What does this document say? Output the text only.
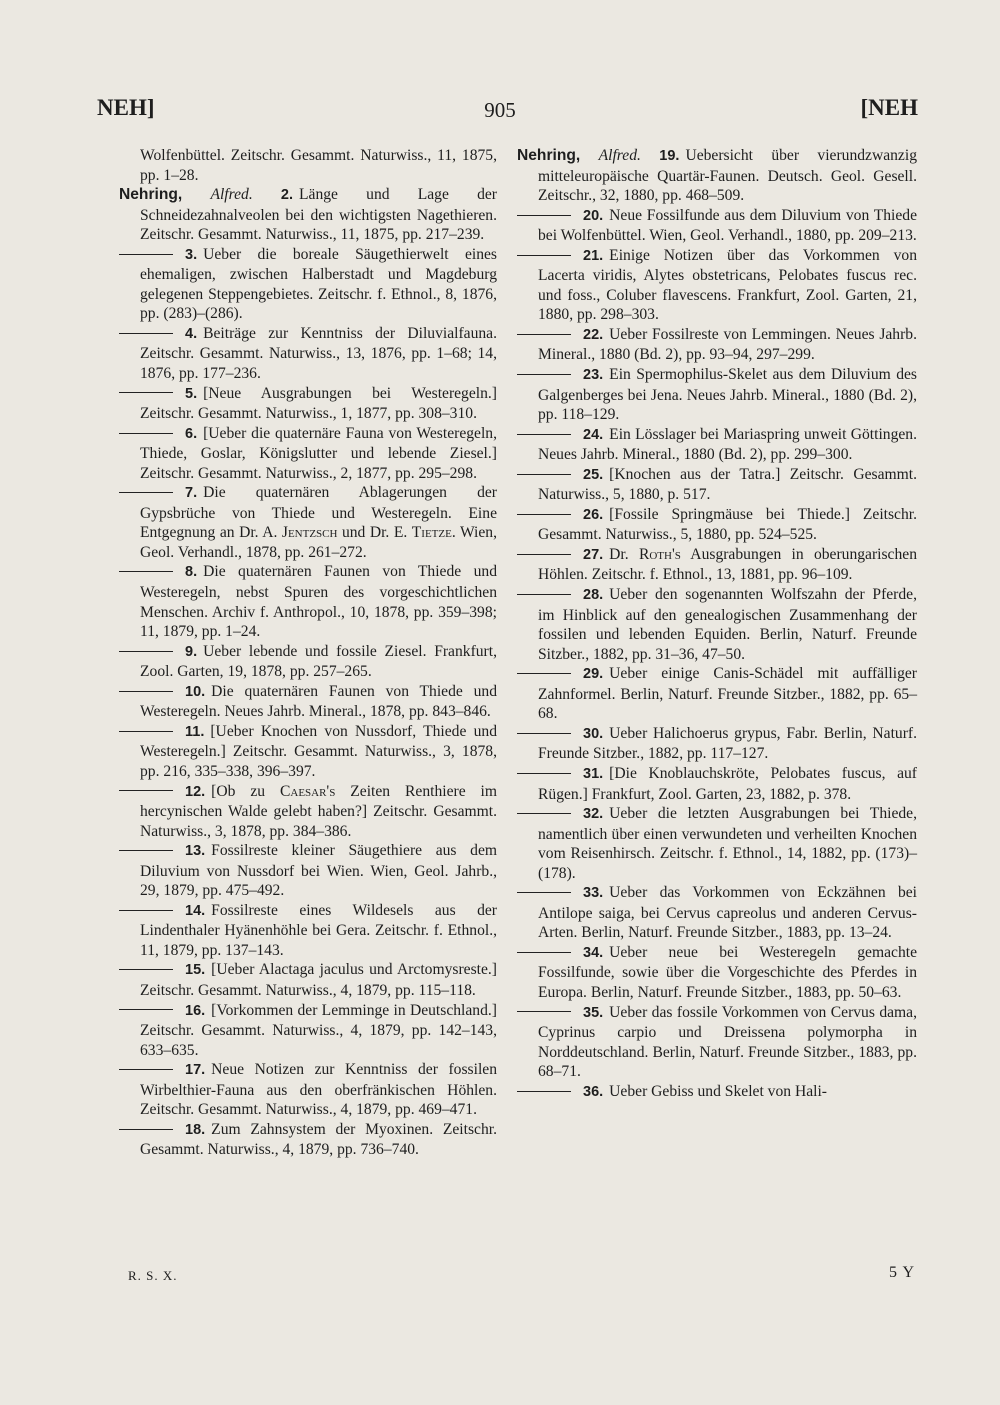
NEH]	905	[NEH

Wolfenbüttel. Zeitschr. Gesammt. Naturwiss., 11, 1875, pp. 1–28.

Nehring, Alfred. 2. Länge und Lage der Schneidezahnalveolen bei den wichtigsten Nagethieren. Zeitschr. Gesammt. Naturwiss., 11, 1875, pp. 217–239.

3. Ueber die boreale Säugethierwelt eines ehemaligen, zwischen Halberstadt und Magdeburg gelegenen Steppengebietes. Zeitschr. f. Ethnol., 8, 1876, pp. (283)–(286).

4. Beiträge zur Kenntniss der Diluvialfauna. Zeitschr. Gesammt. Naturwiss., 13, 1876, pp. 1–68; 14, 1876, pp. 177–236.

5. [Neue Ausgrabungen bei Westeregeln.] Zeitschr. Gesammt. Naturwiss., 1, 1877, pp. 308–310.

6. [Ueber die quaternäre Fauna von Westeregeln, Thiede, Goslar, Königslutter und lebende Ziesel.] Zeitschr. Gesammt. Naturwiss., 2, 1877, pp. 295–298.

7. Die quaternären Ablagerungen der Gypsbrüche von Thiede und Westeregeln. Eine Entgegnung an Dr. A. Jentzsch und Dr. E. Tietze. Wien, Geol. Verhandl., 1878, pp. 261–272.

8. Die quaternären Faunen von Thiede und Westeregeln, nebst Spuren des vorgeschichtlichen Menschen. Archiv f. Anthropol., 10, 1878, pp. 359–398; 11, 1879, pp. 1–24.

9. Ueber lebende und fossile Ziesel. Frankfurt, Zool. Garten, 19, 1878, pp. 257–265.

10. Die quaternären Faunen von Thiede und Westeregeln. Neues Jahrb. Mineral., 1878, pp. 843–846.

11. [Ueber Knochen von Nussdorf, Thiede und Westeregeln.] Zeitschr. Gesammt. Naturwiss., 3, 1878, pp. 216, 335–338, 396–397.

12. [Ob zu Caesar's Zeiten Renthiere im hercynischen Walde gelebt haben?] Zeitschr. Gesammt. Naturwiss., 3, 1878, pp. 384–386.

13. Fossilreste kleiner Säugethiere aus dem Diluvium von Nussdorf bei Wien. Wien, Geol. Jahrb., 29, 1879, pp. 475–492.

14. Fossilreste eines Wildesels aus der Lindenthaler Hyänenhöhle bei Gera. Zeitschr. f. Ethnol., 11, 1879, pp. 137–143.

15. [Ueber Alactaga jaculus und Arctomysreste.] Zeitschr. Gesammt. Naturwiss., 4, 1879, pp. 115–118.

16. [Vorkommen der Lemminge in Deutschland.] Zeitschr. Gesammt. Naturwiss., 4, 1879, pp. 142–143, 633–635.

17. Neue Notizen zur Kenntniss der fossilen Wirbelthier-Fauna aus den oberfränkischen Höhlen. Zeitschr. Gesammt. Naturwiss., 4, 1879, pp. 469–471.

18. Zum Zahnsystem der Myoxinen. Zeitschr. Gesammt. Naturwiss., 4, 1879, pp. 736–740.

Nehring, Alfred. 19. Uebersicht über vierundzwanzig mitteleuropäische Quartär-Faunen. Deutsch. Geol. Gesell. Zeitschr., 32, 1880, pp. 468–509.

20. Neue Fossilfunde aus dem Diluvium von Thiede bei Wolfenbüttel. Wien, Geol. Verhandl., 1880, pp. 209–213.

21. Einige Notizen über das Vorkommen von Lacerta viridis, Alytes obstetricans, Pelobates fuscus rec. und foss., Coluber flavescens. Frankfurt, Zool. Garten, 21, 1880, pp. 298–303.

22. Ueber Fossilreste von Lemmingen. Neues Jahrb. Mineral., 1880 (Bd. 2), pp. 93–94, 297–299.

23. Ein Spermophilus-Skelet aus dem Diluvium des Galgenberges bei Jena. Neues Jahrb. Mineral., 1880 (Bd. 2), pp. 118–129.

24. Ein Lösslager bei Mariaspring unweit Göttingen. Neues Jahrb. Mineral., 1880 (Bd. 2), pp. 299–300.

25. [Knochen aus der Tatra.] Zeitschr. Gesammt. Naturwiss., 5, 1880, p. 517.

26. [Fossile Springmäuse bei Thiede.] Zeitschr. Gesammt. Naturwiss., 5, 1880, pp. 524–525.

27. Dr. Roth's Ausgrabungen in oberungarischen Höhlen. Zeitschr. f. Ethnol., 13, 1881, pp. 96–109.

28. Ueber den sogenannten Wolfszahn der Pferde, im Hinblick auf den genealogischen Zusammenhang der fossilen und lebenden Equiden. Berlin, Naturf. Freunde Sitzber., 1882, pp. 31–36, 47–50.

29. Ueber einige Canis-Schädel mit auffälliger Zahnformel. Berlin, Naturf. Freunde Sitzber., 1882, pp. 65–68.

30. Ueber Halichoerus grypus, Fabr. Berlin, Naturf. Freunde Sitzber., 1882, pp. 117–127.

31. [Die Knoblauchskröte, Pelobates fuscus, auf Rügen.] Frankfurt, Zool. Garten, 23, 1882, p. 378.

32. Ueber die letzten Ausgrabungen bei Thiede, namentlich über einen verwundeten und verheilten Knochen vom Reisenhirsch. Zeitschr. f. Ethnol., 14, 1882, pp. (173)–(178).

33. Ueber das Vorkommen von Eckzähnen bei Antilope saiga, bei Cervus capreolus und anderen Cervus-Arten. Berlin, Naturf. Freunde Sitzber., 1883, pp. 13–24.

34. Ueber neue bei Westeregeln gemachte Fossilfunde, sowie über die Vorgeschichte des Pferdes in Europa. Berlin, Naturf. Freunde Sitzber., 1883, pp. 50–63.

35. Ueber das fossile Vorkommen von Cervus dama, Cyprinus carpio und Dreissena polymorpha in Norddeutschland. Berlin, Naturf. Freunde Sitzber., 1883, pp. 68–71.

36. Ueber Gebiss und Skelet von Hali-

R. S. X.	5 Y
